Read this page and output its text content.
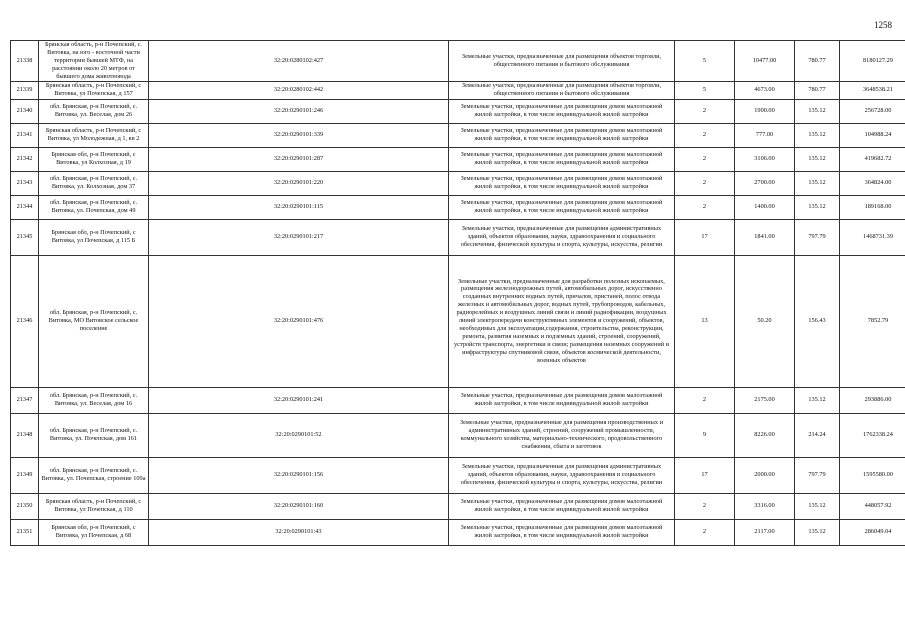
1258
21338	Брянская область, р-н Почепский, с. Витовка, на юго - восточной части территории бывшей МТФ, на расстоянии около 20 метров от бывшего дома животновода	32:20:0280102:427	Земельные участки, предназначенные для размещения объектов торговли, общественного питания и бытового обслуживания	5	10477.00	780.77	8180127.29
21339	Брянская область, р-н Почепский, с Витовка, ул Почепская, д 157	32:20:0280102:442	Земельные участки, предназначенные для размещения объектов торговли, общественного питания и бытового обслуживания	5	4673.00	780.77	3648538.21
21340	обл. Брянская, р-н Почепский, с. Витовка, ул. Веселая, дом 26	32:20:0290101:246	Земельные участки, предназначенные для размещения домов малоэтажной жилой застройки, в том числе индивидуальной жилой застройки	2	1900.00	135.12	256728.00
21341	Брянская область, р-н Почепский, с Витовка, ул Молодежная, д 1, кв 2	32:20:0290101:339	Земельные участки, предназначенные для размещения домов малоэтажной жилой застройки, в том числе индивидуальной жилой застройки	2	777.00	135.12	104988.24
21342	Брянская обл, р-н Почепский, с Витовка, ул Колхозная, д 19	32:20:0290101:287	Земельные участки, предназначенные для размещения домов малоэтажной жилой застройки, в том числе индивидуальной жилой застройки	2	3106.00	135.12	419682.72
21343	обл. Брянская, р-н Почепский, с. Витовка, ул. Колхозная, дом 37	32:20:0290101:220	Земельные участки, предназначенные для размещения домов малоэтажной жилой застройки, в том числе индивидуальной жилой застройки	2	2700.00	135.12	364824.00
21344	обл. Брянская, р-н Почепский, с. Витовка, ул. Почепская, дом 49	32:20:0290101:115	Земельные участки, предназначенные для размещения домов малоэтажной жилой застройки, в том числе индивидуальной жилой застройки	2	1400.00	135.12	189168.00
21345	Брянская обл, р-н Почепский, с Витовка, ул Почепская, д 115 Б	32:20:0290101:217	Земельные участки, предназначенные для размещения административных зданий, объектов образования, науки, здравоохранения и социального обеспечения, физической культуры и спорта, культуры, искусства, религии	17	1841.00	797.79	1468731.39
21346	обл. Брянская, р-н Почепский, с. Витовка, МО Витовское сельское поселение	32:20:0290101:476	Земельные участки, предназначенные для разработки полезных ископаемых, размещения железнодорожных путей, автомобильных дорог, искусственно созданных внутренних водных путей, причалов, пристаней, полос отвода железных и автомобильных дорог, водных путей, трубопроводов, кабельных, радиорелейных и воздушных линий связи и линий радиофикации, воздушных линий электропередачи конструктивных элементов и сооружений, объектов, необходимых для эксплуатации,содержания, строительства, реконструкции, ремонта, развития наземных и подземных зданий, строений, сооружений, устройств транспорта, энергетики и связи; размещения наземных сооружений и инфраструктуры спутниковой связи, объектов космической деятельности, военных объектов	13	50.20	156.43	7852.79
21347	обл. Брянская, р-н Почепский, с. Витовка, ул. Веселая, дом 16	32:20:0290101:241	Земельные участки, предназначенные для размещения домов малоэтажной жилой застройки, в том числе индивидуальной жилой застройки	2	2175.00	135.12	293886.00
21348	обл. Брянская, р-н Почепский, с. Витовка, ул. Почепская, дом 161	32:20:0290101:52	Земельные участки, предназначенные для размещения производственных и административных зданий, строений, сооружений промышленности, коммунального хозяйства, материально-технического, продовольственного снабжения, сбыта и заготовок	9	8226.00	214.24	1762338.24
21349	обл. Брянская, р-н Почепский, с. Витовка, ул. Почепская, строение 109а	32:20:0290101:156	Земельные участки, предназначенные для размещения административных зданий, объектов образования, науки, здравоохранения и социального обеспечения, физической культуры и спорта, культуры, искусства, религии	17	2000.00	797.79	1595580.00
21350	Брянская область, р-н Почепский, с Витовка, ул Почепская, д 110	32:20:0290101:160	Земельные участки, предназначенные для размещения домов малоэтажной жилой застройки, в том числе индивидуальной жилой застройки	2	3316.00	135.12	448057.92
21351	Брянская обл, р-н Почепский, с Витовка, ул Почепская, д 68	32:20:0290101:43	Земельные участки, предназначенные для размещения домов малоэтажной жилой застройки, в том числе индивидуальной жилой застройки	2	2117.00	135.12	286049.04
